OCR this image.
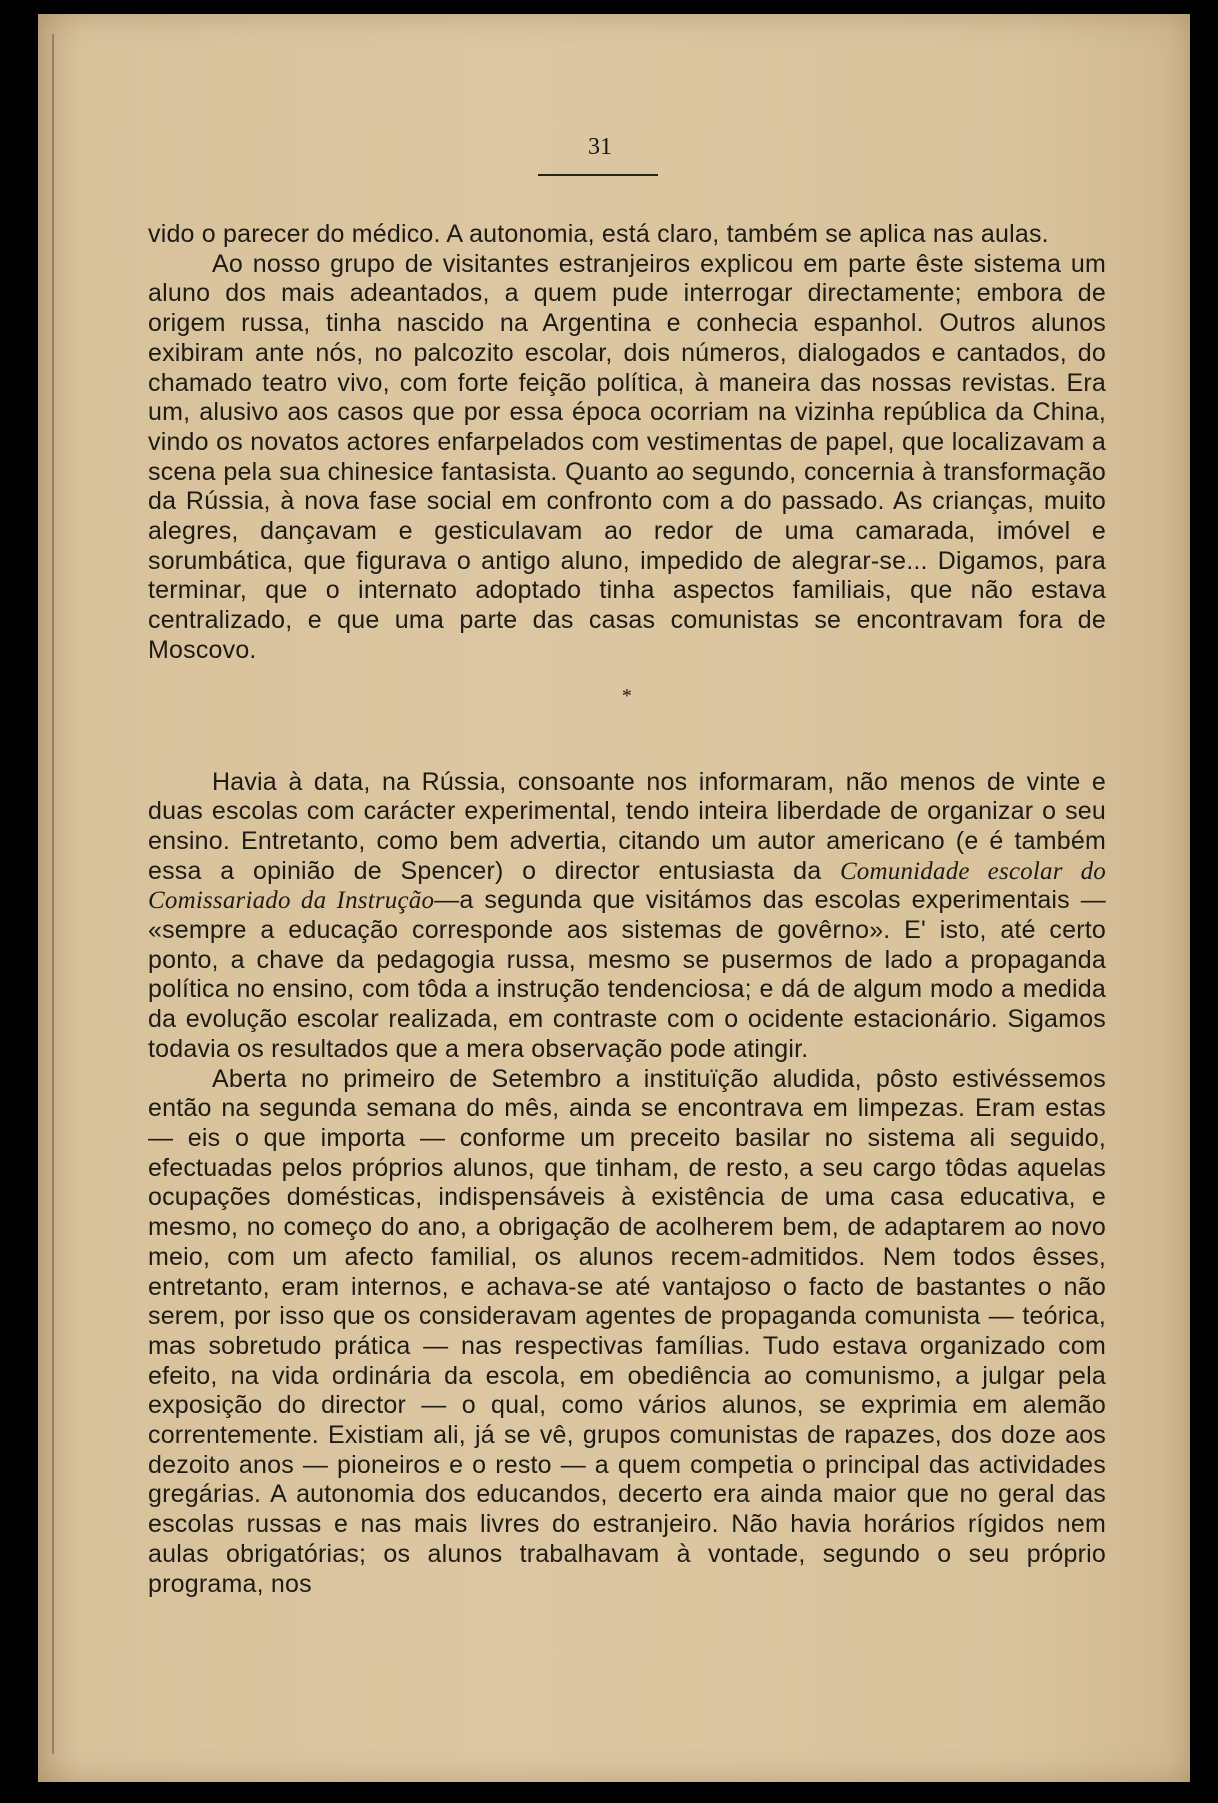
31

vido o parecer do médico. A autonomia, está claro, também se aplica nas aulas.

Ao nosso grupo de visitantes estranjeiros explicou em parte êste sistema um aluno dos mais adeantados, a quem pude interrogar directamente; embora de origem russa, tinha nascido na Argentina e conhecia espanhol. Outros alunos exibiram ante nós, no palcozito escolar, dois números, dialogados e cantados, do chamado teatro vivo, com forte feição política, à maneira das nossas revistas. Era um, alusivo aos casos que por essa época ocorriam na vizinha república da China, vindo os novatos actores enfarpelados com vestimentas de papel, que localizavam a scena pela sua chinesice fantasista. Quanto ao segundo, concernia à transformação da Rússia, à nova fase social em confronto com a do passado. As crianças, muito alegres, dançavam e gesticulavam ao redor de uma camarada, imóvel e sorumbática, que figurava o antigo aluno, impedido de alegrar-se... Digamos, para terminar, que o internato adoptado tinha aspectos familiais, que não estava centralizado, e que uma parte das casas comunistas se encontravam fora de Moscovo.

*

Havia à data, na Rússia, consoante nos informaram, não menos de vinte e duas escolas com carácter experimental, tendo inteira liberdade de organizar o seu ensino. Entretanto, como bem advertia, citando um autor americano (e é também essa a opinião de Spencer) o director entusiasta da Comunidade escolar do Comissariado da Instrução—a segunda que visitámos das escolas experimentais — «sempre a educação corresponde aos sistemas de govêrno». E' isto, até certo ponto, a chave da pedagogia russa, mesmo se pusermos de lado a propaganda política no ensino, com tôda a instrução tendenciosa; e dá de algum modo a medida da evolução escolar realizada, em contraste com o ocidente estacionário. Sigamos todavia os resultados que a mera observação pode atingir.

Aberta no primeiro de Setembro a instituïção aludida, pôsto estivéssemos então na segunda semana do mês, ainda se encontrava em limpezas. Eram estas — eis o que importa — conforme um preceito basilar no sistema ali seguido, efectuadas pelos próprios alunos, que tinham, de resto, a seu cargo tôdas aquelas ocupações domésticas, indispensáveis à existência de uma casa educativa, e mesmo, no começo do ano, a obrigação de acolherem bem, de adaptarem ao novo meio, com um afecto familial, os alunos recem-admitidos. Nem todos êsses, entretanto, eram internos, e achava-se até vantajoso o facto de bastantes o não serem, por isso que os consideravam agentes de propaganda comunista — teórica, mas sobretudo prática — nas respectivas famílias. Tudo estava organizado com efeito, na vida ordinária da escola, em obediência ao comunismo, a julgar pela exposição do director — o qual, como vários alunos, se exprimia em alemão correntemente. Existiam ali, já se vê, grupos comunistas de rapazes, dos doze aos dezoito anos — pioneiros e o resto — a quem competia o principal das actividades gregárias. A autonomia dos educandos, decerto era ainda maior que no geral das escolas russas e nas mais livres do estranjeiro. Não havia horários rígidos nem aulas obrigatórias; os alunos trabalhavam à vontade, segundo o seu próprio programa, nos
